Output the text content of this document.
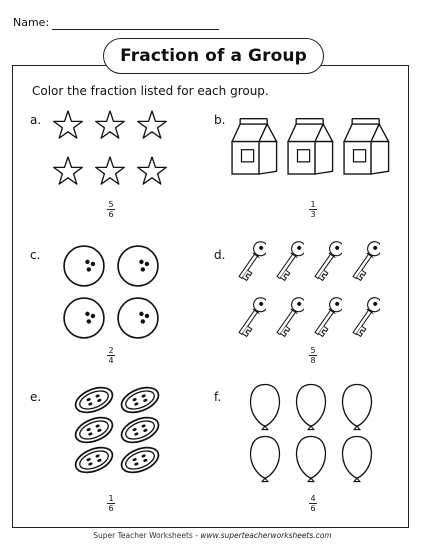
Name:
Fraction of a Group
Color the fraction listed for each group.
a.	b.
c.	d.
e.	f.
5
6
1
3
2
4
5
8
1
6
4
6
Super Teacher Worksheets - www.superteacherworksheets.com
